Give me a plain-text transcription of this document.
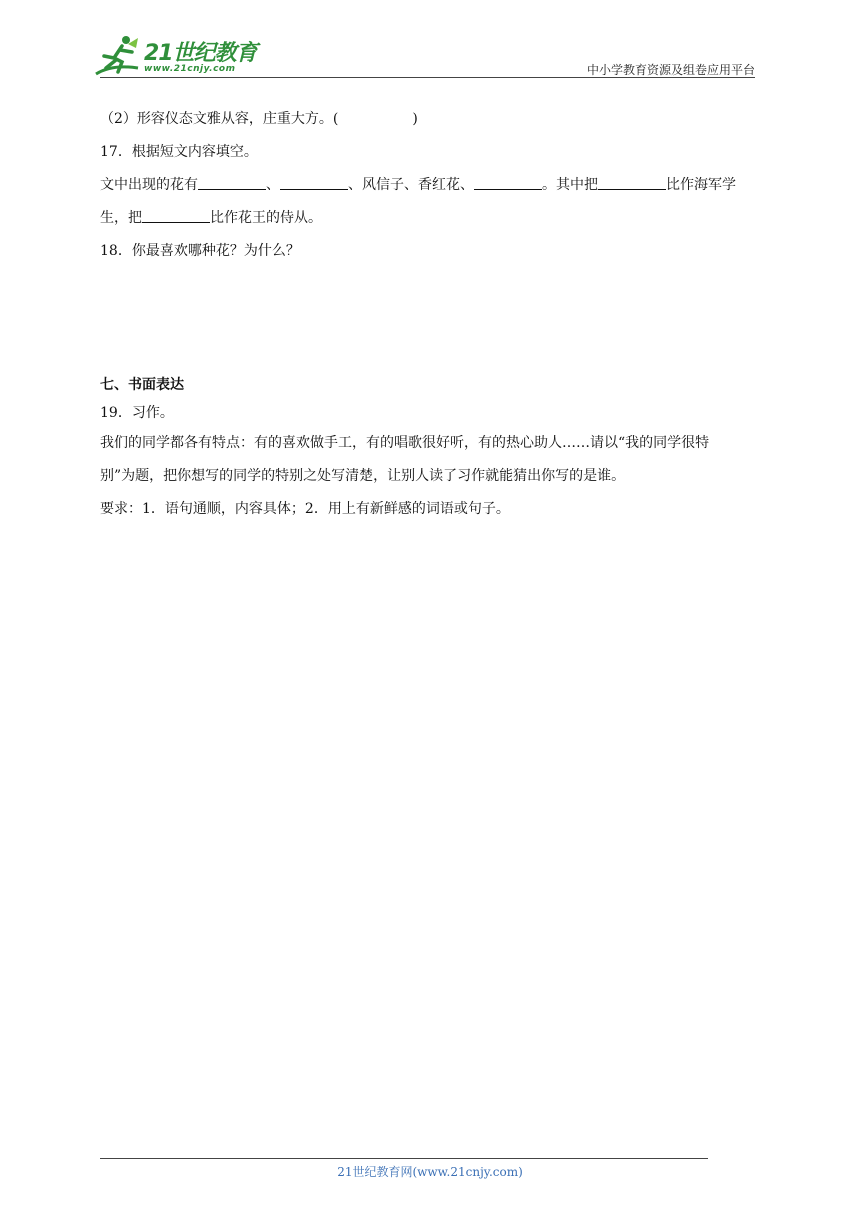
21世纪教育
www.21cnjy.com	中小学教育资源及组卷应用平台

（2）形容仪态文雅从容，庄重大方。(	)

17．根据短文内容填空。

文中出现的花有	、	、风信子、香红花、	。其中把	比作海军学

生，把	比作花王的侍从。

18．你最喜欢哪种花？为什么？

七、书面表达

19．习作。

我们的同学都各有特点：有的喜欢做手工，有的唱歌很好听，有的热心助人……请以“我的同学很特

别”为题，把你想写的同学的特别之处写清楚，让别人读了习作就能猜出你写的是谁。

要求：1．语句通顺，内容具体；2．用上有新鲜感的词语或句子。

21世纪教育网(www.21cnjy.com)
